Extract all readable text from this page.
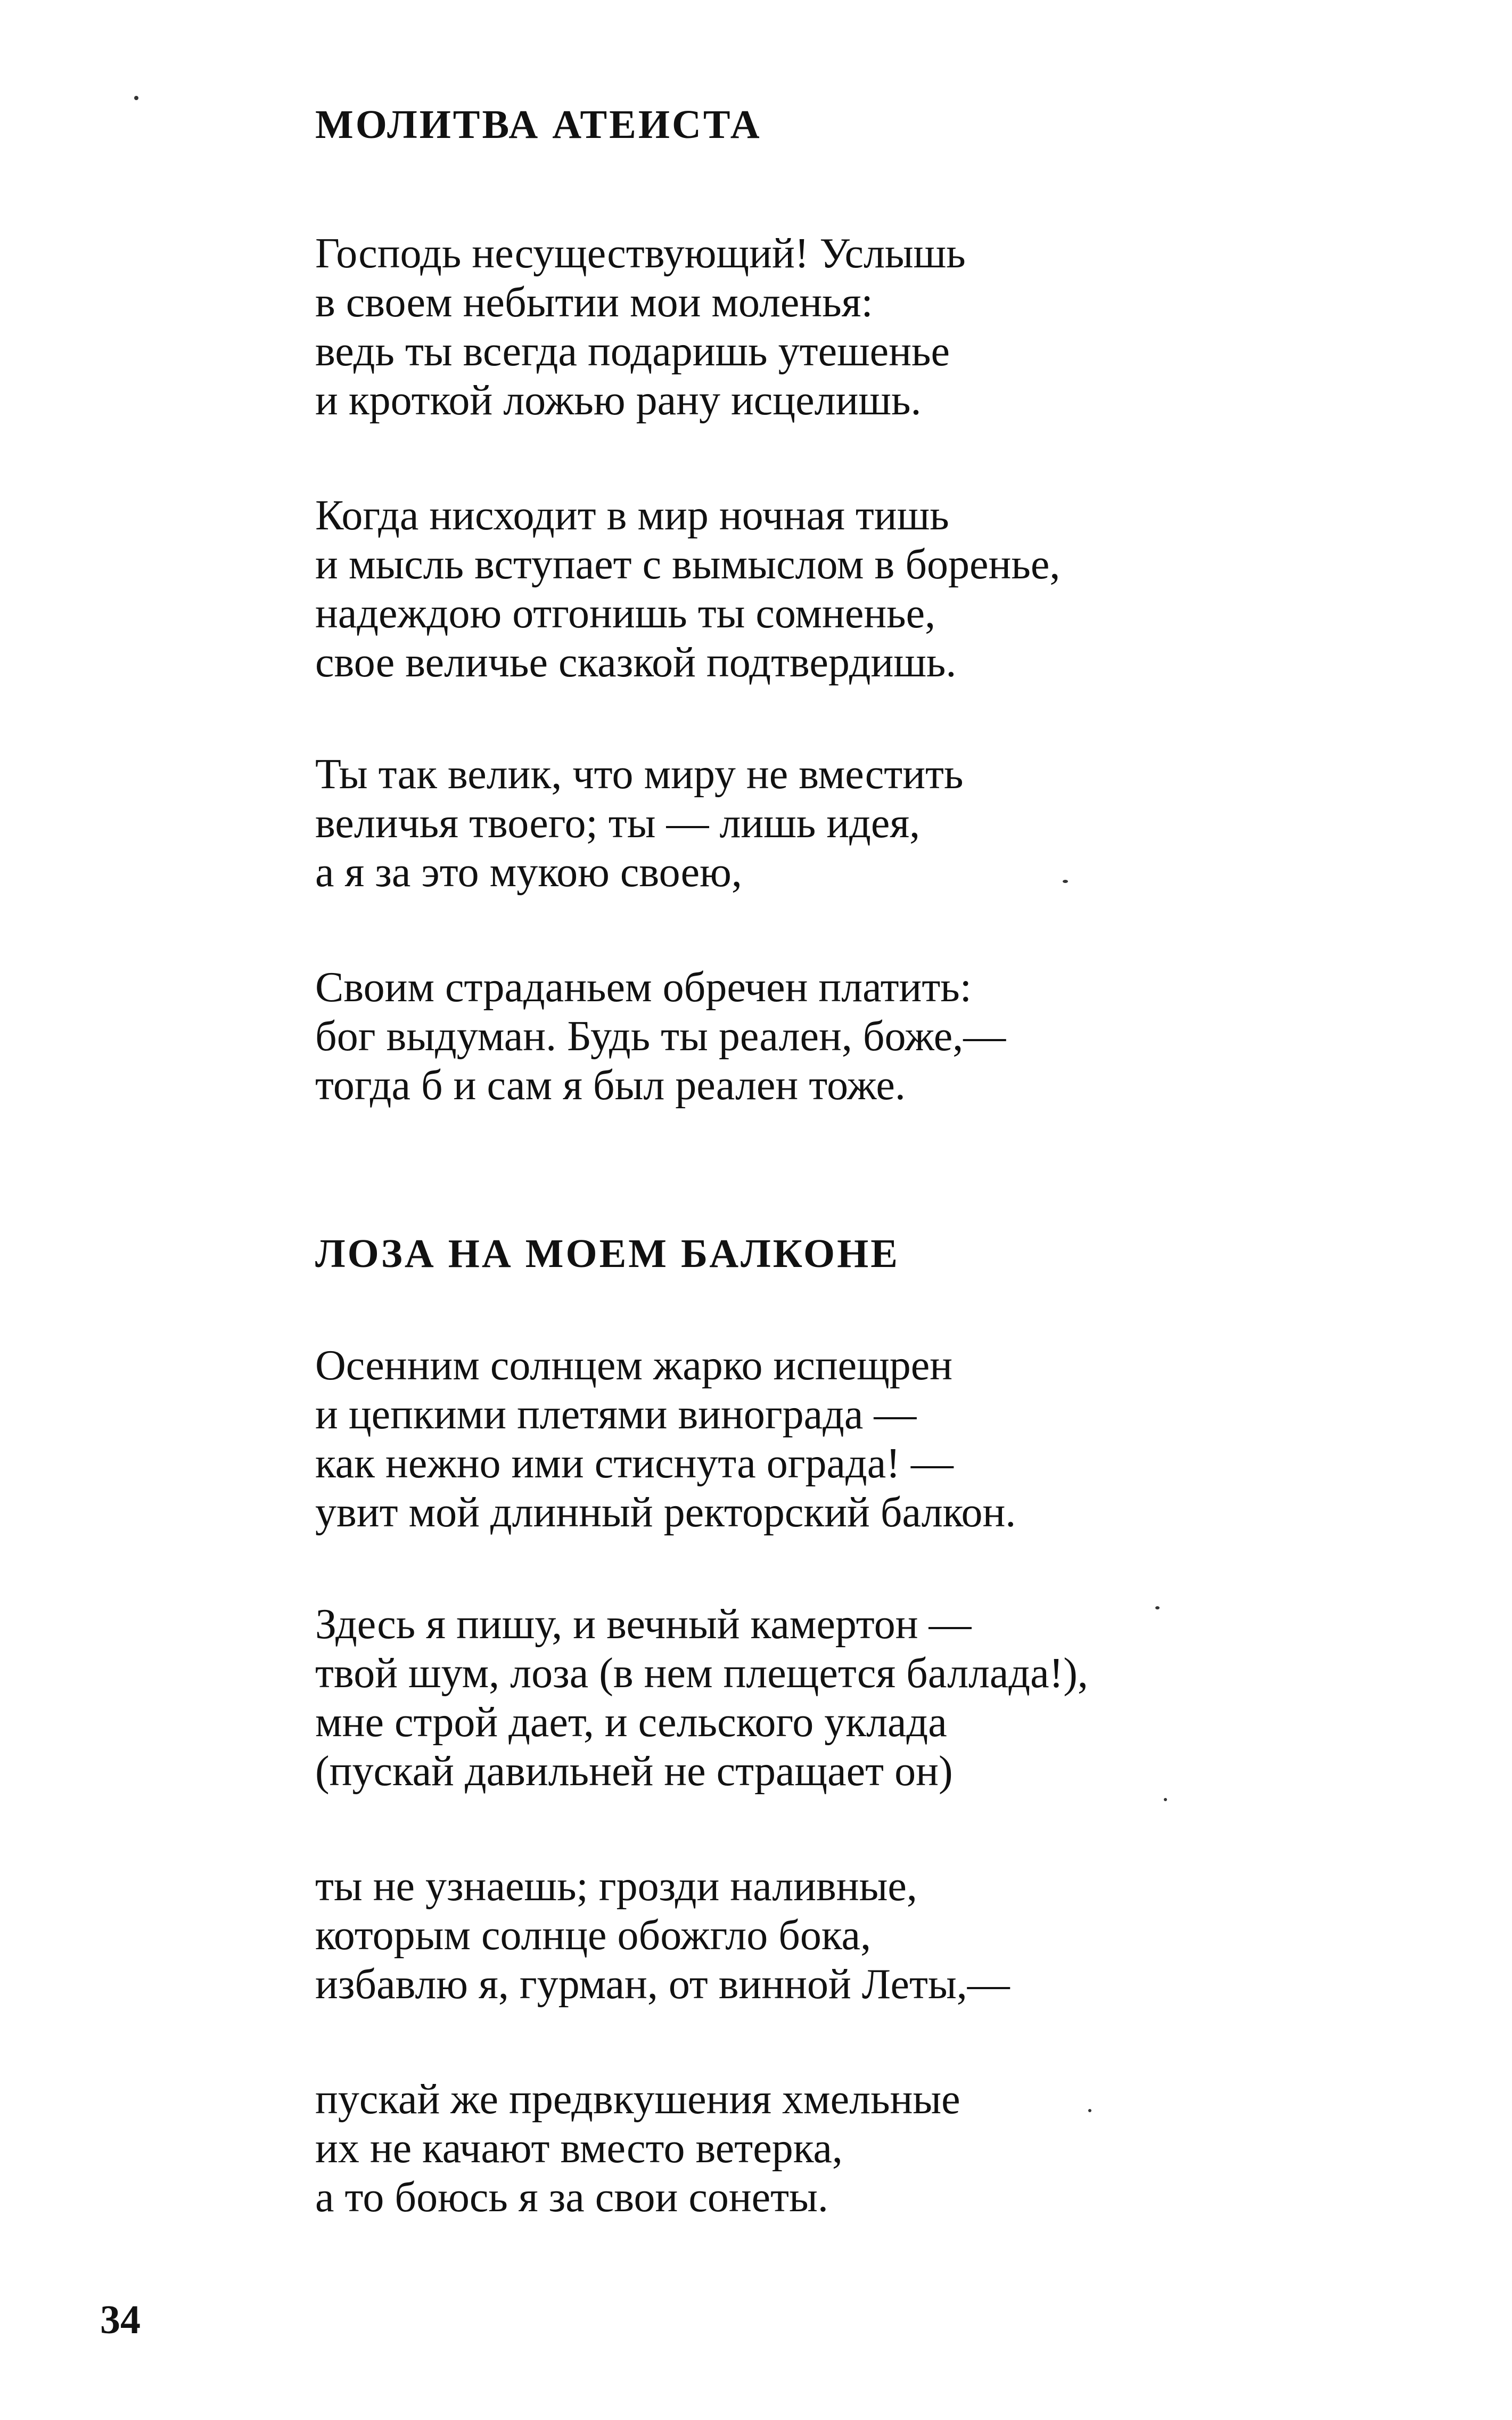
МОЛИТВА АТЕИСТА
Господь несуществующий! Услышь
в своем небытии мои моленья:
ведь ты всегда подаришь утешенье
и кроткой ложью рану исцелишь.
Когда нисходит в мир ночная тишь
и мысль вступает с вымыслом в боренье,
надеждою отгонишь ты сомненье,
свое величье сказкой подтвердишь.
Ты так велик, что миру не вместить
величья твоего; ты — лишь идея,
а я за это мукою своею,
Своим страданьем обречен платить:
бог выдуман. Будь ты реален, боже,—
тогда б и сам я был реален тоже.
ЛОЗА НА МОЕМ БАЛКОНЕ
Осенним солнцем жарко испещрен
и цепкими плетями винограда —
как нежно ими стиснута ограда! —
увит мой длинный ректорский балкон.
Здесь я пишу, и вечный камертон —
твой шум, лоза (в нем плещется баллада!),
мне строй дает, и сельского уклада
(пускай давильней не стращает он)
ты не узнаешь; грозди наливные,
которым солнце обожгло бока,
избавлю я, гурман, от винной Леты,—
пускай же предвкушения хмельные
их не качают вместо ветерка,
а то боюсь я за свои сонеты.
34
